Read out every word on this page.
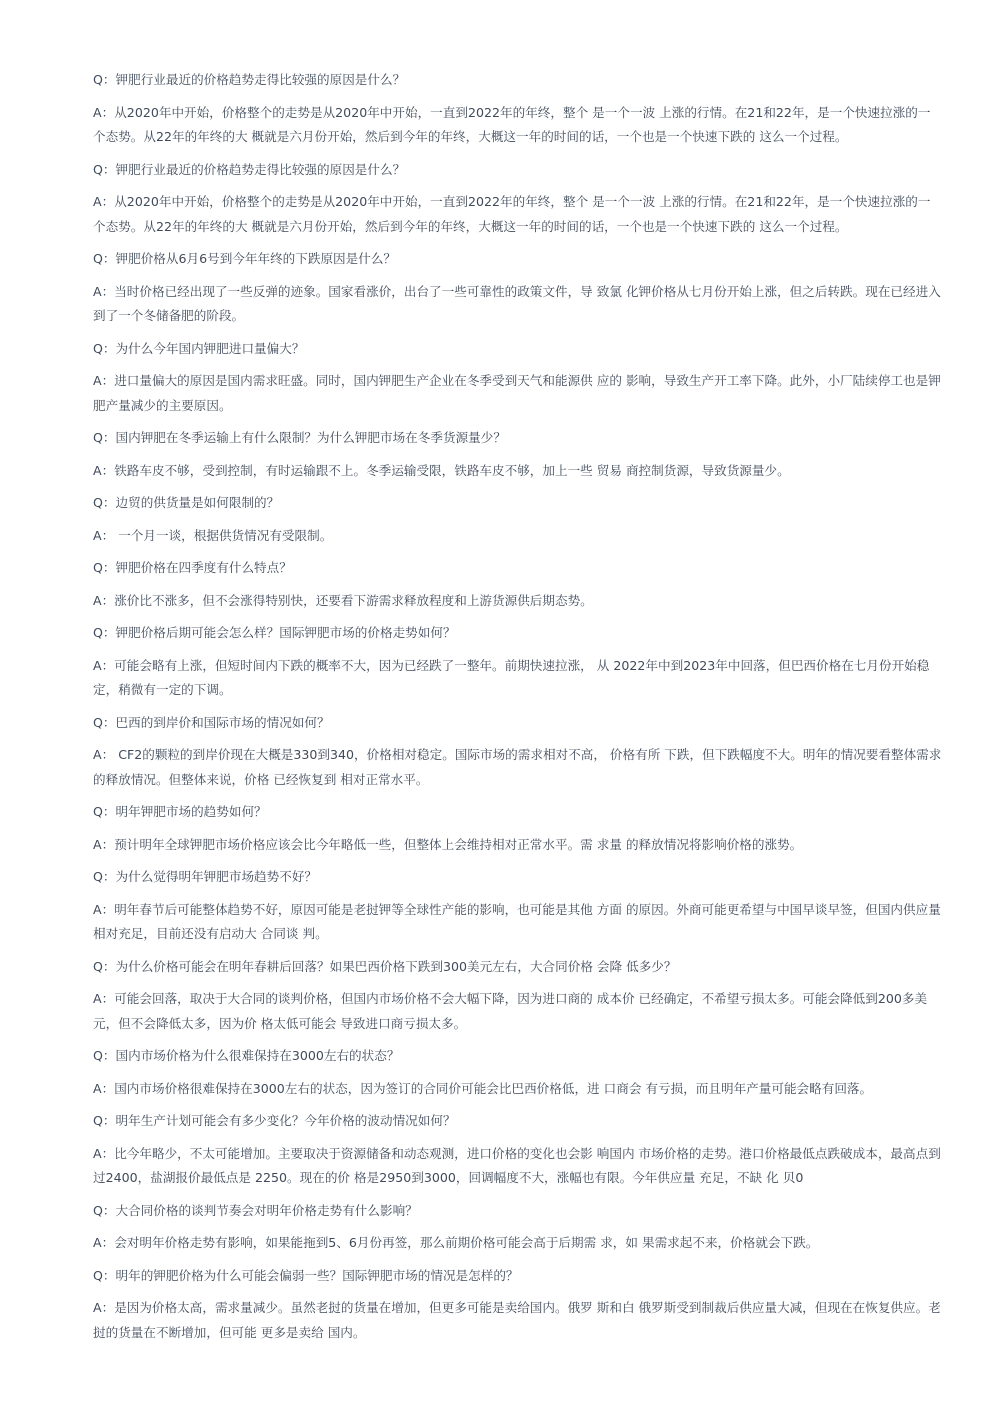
Q：钾肥行业最近的价格趋势走得比较强的原因是什么？

A：从2020年中开始，价格整个的走势是从2020年中开始，一直到2022年的年终，整个 是一个一波 上涨的行情。在21和22年，是一个快速拉涨的一个态势。从22年的年终的大 概就是六月份开始，然后到今年的年终，大概这一年的时间的话，一个也是一个快速下跌的 这么一个过程。

Q：钾肥行业最近的价格趋势走得比较强的原因是什么？

A：从2020年中开始，价格整个的走势是从2020年中开始，一直到2022年的年终，整个 是一个一波 上涨的行情。在21和22年，是一个快速拉涨的一个态势。从22年的年终的大 概就是六月份开始，然后到今年的年终，大概这一年的时间的话，一个也是一个快速下跌的 这么一个过程。

Q：钾肥价格从6月6号到今年年终的下跌原因是什么？

A：当时价格已经出现了一些反弹的迹象。国家看涨价，出台了一些可靠性的政策文件，导 致氯 化钾价格从七月份开始上涨，但之后转跌。现在已经进入到了一个冬储备肥的阶段。

Q：为什么今年国内钾肥进口量偏大？

A：进口量偏大的原因是国内需求旺盛。同时，国内钾肥生产企业在冬季受到天气和能源供 应的 影响，导致生产开工率下降。此外，小厂陆续停工也是钾肥产量减少的主要原因。

Q：国内钾肥在冬季运输上有什么限制？为什么钾肥市场在冬季货源量少？

A：铁路车皮不够，受到控制，有时运输跟不上。冬季运输受限，铁路车皮不够，加上一些 贸易 商控制货源，导致货源量少。

Q：边贸的供货量是如何限制的？

A： 一个月一谈，根据供货情况有受限制。

Q：钾肥价格在四季度有什么特点？

A：涨价比不涨多，但不会涨得特别快，还要看下游需求释放程度和上游货源供后期态势。

Q：钾肥价格后期可能会怎么样？国际钾肥市场的价格走势如何？

A：可能会略有上涨，但短时间内下跌的概率不大，因为已经跌了一整年。前期快速拉涨， 从 2022年中到2023年中回落，但巴西价格在七月份开始稳定，稍微有一定的下调。

Q：巴西的到岸价和国际市场的情况如何？

A： CF2的颗粒的到岸价现在大概是330到340，价格相对稳定。国际市场的需求相对不高， 价格有所 下跌，但下跌幅度不大。明年的情况要看整体需求的释放情况。但整体来说，价格 已经恢复到 相对正常水平。

Q：明年钾肥市场的趋势如何？

A：预计明年全球钾肥市场价格应该会比今年略低一些，但整体上会维持相对正常水平。需 求量 的释放情况将影响价格的涨势。

Q：为什么觉得明年钾肥市场趋势不好？

A：明年春节后可能整体趋势不好，原因可能是老挝钾等全球性产能的影响，也可能是其他 方面 的原因。外商可能更希望与中国早谈早签，但国内供应量相对充足，目前还没有启动大 合同谈 判。

Q：为什么价格可能会在明年春耕后回落？如果巴西价格下跌到300美元左右，大合同价格 会降 低多少？

A：可能会回落，取决于大合同的谈判价格，但国内市场价格不会大幅下降，因为进口商的 成本价 已经确定，不希望亏损太多。可能会降低到200多美元，但不会降低太多，因为价 格太低可能会 导致进口商亏损太多。

Q：国内市场价格为什么很难保持在3000左右的状态？

A：国内市场价格很难保持在3000左右的状态，因为签订的合同价可能会比巴西价格低，进 口商会 有亏损，而且明年产量可能会略有回落。

Q：明年生产计划可能会有多少变化？今年价格的波动情况如何？

A：比今年略少，不太可能增加。主要取决于资源储备和动态观测，进口价格的变化也会影 响国内 市场价格的走势。港口价格最低点跌破成本，最高点到过2400，盐湖报价最低点是 2250。现在的价 格是2950到3000，回调幅度不大，涨幅也有限。今年供应量 充足，不缺 化 贝0

Q：大合同价格的谈判节奏会对明年价格走势有什么影响？

A：会对明年价格走势有影响，如果能拖到5、6月份再签，那么前期价格可能会高于后期需 求，如 果需求起不来，价格就会下跌。

Q：明年的钾肥价格为什么可能会偏弱一些？国际钾肥市场的情况是怎样的？

A：是因为价格太高，需求量减少。虽然老挝的货量在增加，但更多可能是卖给国内。俄罗 斯和白 俄罗斯受到制裁后供应量大减，但现在在恢复供应。老挝的货量在不断增加，但可能 更多是卖给 国内。
